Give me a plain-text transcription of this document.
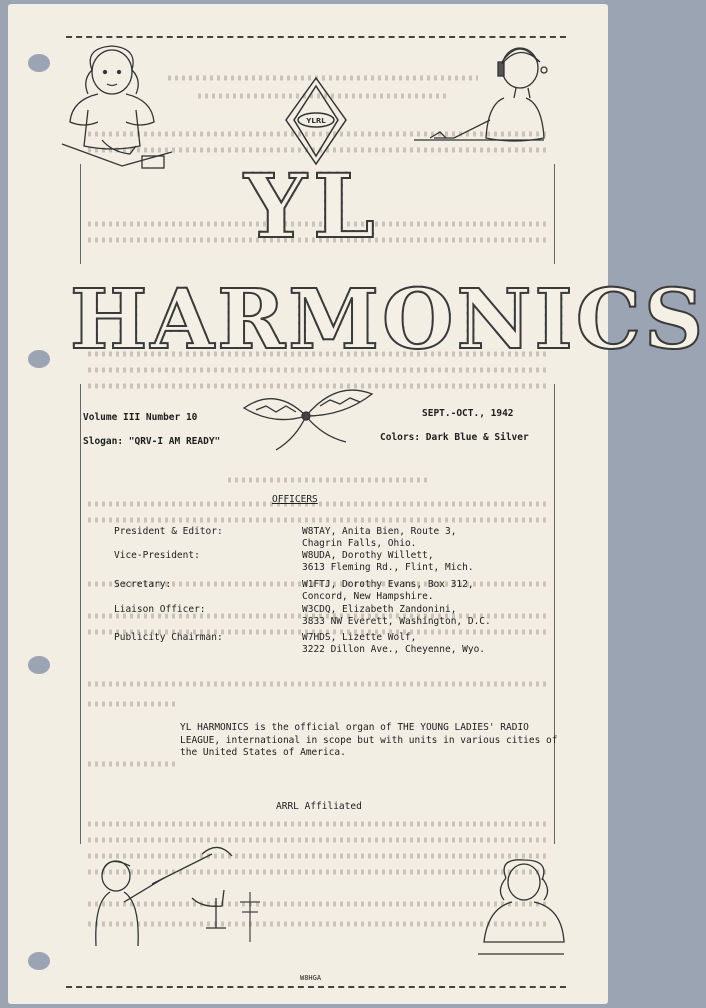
YLRL
YL
HARMONICS
Volume III Number 10	SEPT.-OCT., 1942
Slogan: "QRV-I AM READY"	Colors: Dark Blue & Silver
OFFICERS
President & Editor:	W8TAY, Anita Bien, Route 3,
Chagrin Falls, Ohio.
Vice-President:	W8UDA, Dorothy Willett,
3613 Fleming Rd., Flint, Mich.
Secretary:	W1FTJ, Dorothy Evans, Box 312,
Concord, New Hampshire.
Liaison Officer:	W3CDQ, Elizabeth Zandonini,
3833 NW Everett, Washington, D.C.
Publicity Chairman:	W7HDS, Lizette Wolf,
3222 Dillon Ave., Cheyenne, Wyo.
YL HARMONICS is the official organ of THE YOUNG LADIES' RADIO LEAGUE, international in scope but with units in various cities of the United States of America.
ARRL Affiliated
W8HGA
